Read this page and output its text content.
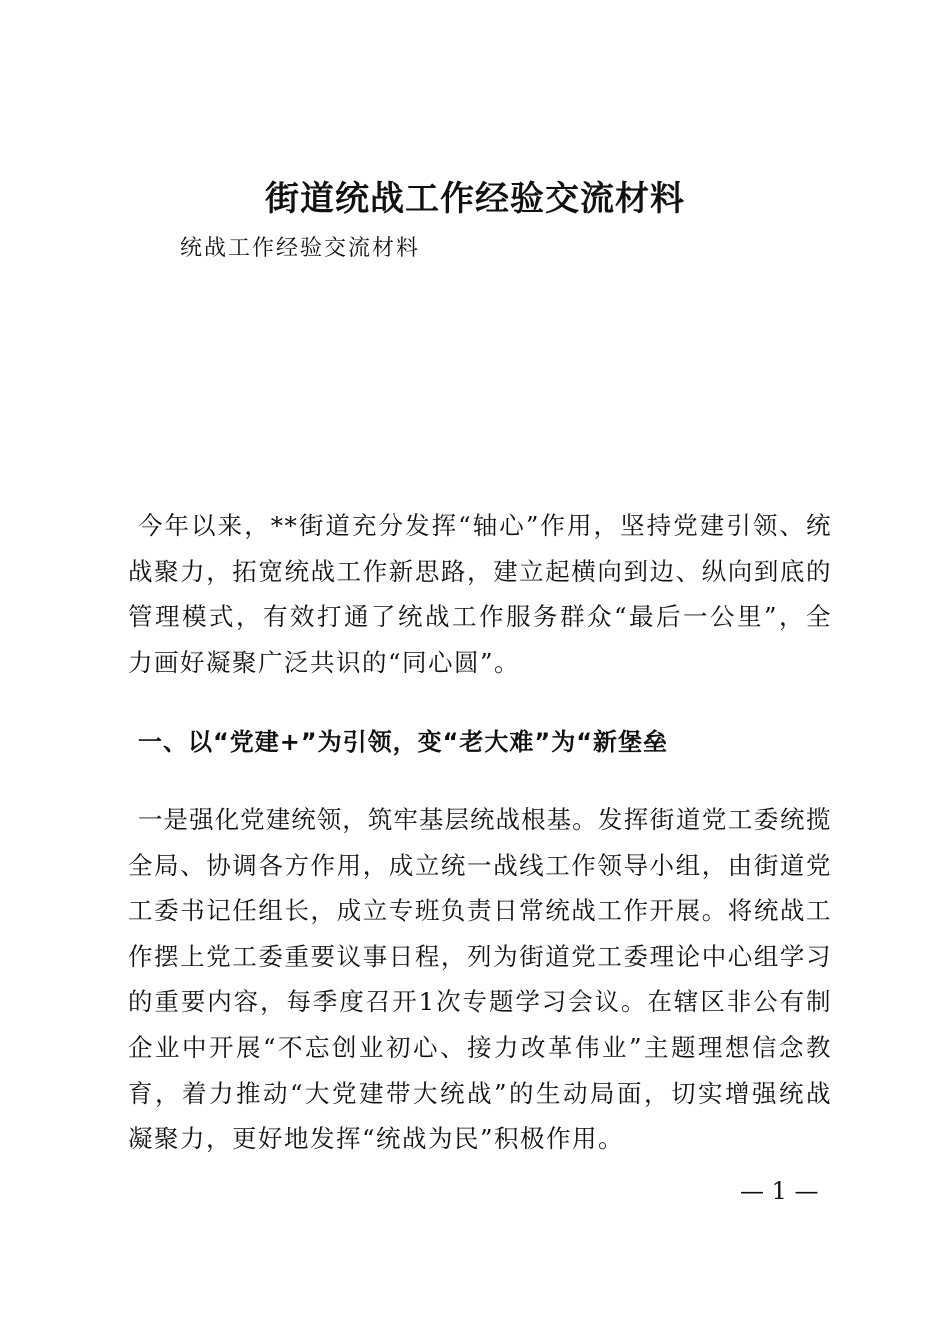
街道统战工作经验交流材料

统战工作经验交流材料

今年以来，**街道充分发挥“轴心”作用，坚持党建引领、统战聚力，拓宽统战工作新思路，建立起横向到边、纵向到底的管理模式，有效打通了统战工作服务群众“最后一公里”，全力画好凝聚广泛共识的“同心圆”。

一、以“党建+”为引领，变“老大难”为“新堡垒

一是强化党建统领，筑牢基层统战根基。发挥街道党工委统揽全局、协调各方作用，成立统一战线工作领导小组，由街道党工委书记任组长，成立专班负责日常统战工作开展。将统战工作摆上党工委重要议事日程，列为街道党工委理论中心组学习的重要内容，每季度召开1次专题学习会议。在辖区非公有制企业中开展“不忘创业初心、接力改革伟业”主题理想信念教育，着力推动“大党建带大统战”的生动局面，切实增强统战凝聚力，更好地发挥“统战为民”积极作用。

— 1 —
